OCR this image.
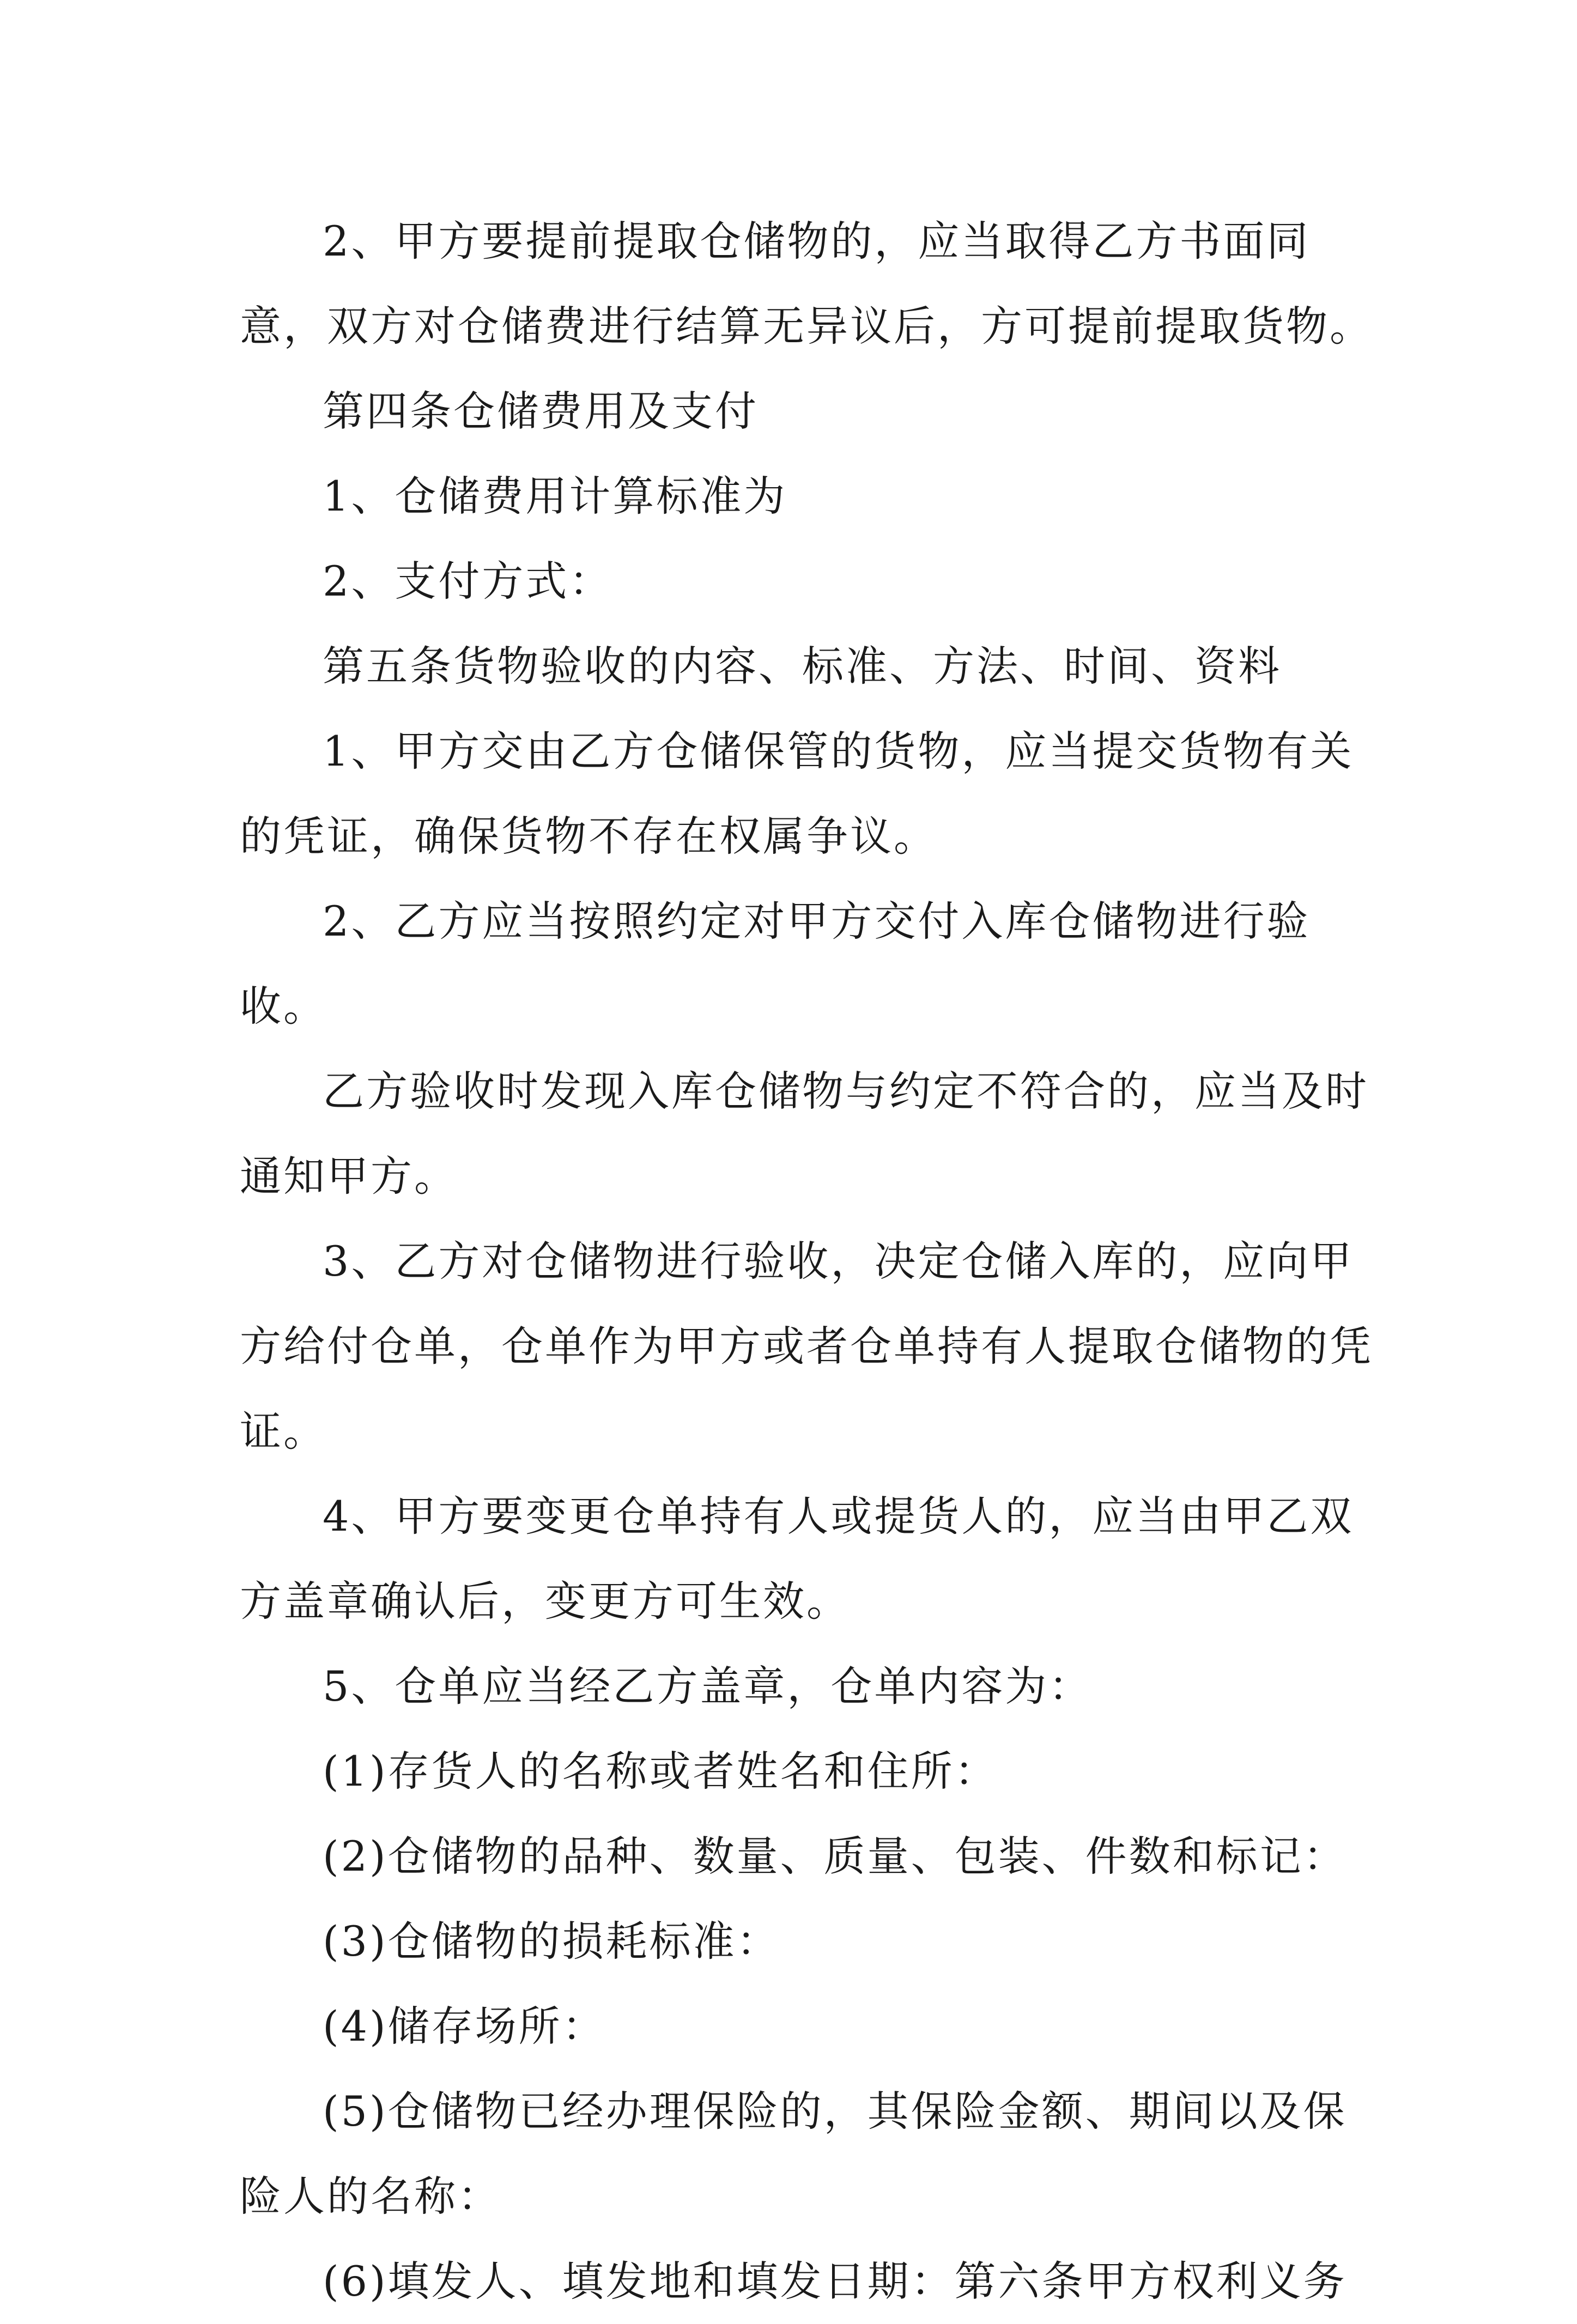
2、甲方要提前提取仓储物的，应当取得乙方书面同意，双方对仓储费进行结算无异议后，方可提前提取货物。

第四条仓储费用及支付

1、仓储费用计算标准为

2、支付方式：

第五条货物验收的内容、标准、方法、时间、资料

1、甲方交由乙方仓储保管的货物，应当提交货物有关的凭证，确保货物不存在权属争议。

2、乙方应当按照约定对甲方交付入库仓储物进行验收。

乙方验收时发现入库仓储物与约定不符合的，应当及时通知甲方。

3、乙方对仓储物进行验收，决定仓储入库的，应向甲方给付仓单，仓单作为甲方或者仓单持有人提取仓储物的凭证。

4、甲方要变更仓单持有人或提货人的，应当由甲乙双方盖章确认后，变更方可生效。

5、仓单应当经乙方盖章，仓单内容为：

(1)存货人的名称或者姓名和住所：

(2)仓储物的品种、数量、质量、包装、件数和标记：

(3)仓储物的损耗标准：

(4)储存场所：

(5)仓储物已经办理保险的，其保险金额、期间以及保险人的名称：

(6)填发人、填发地和填发日期：第六条甲方权利义务
